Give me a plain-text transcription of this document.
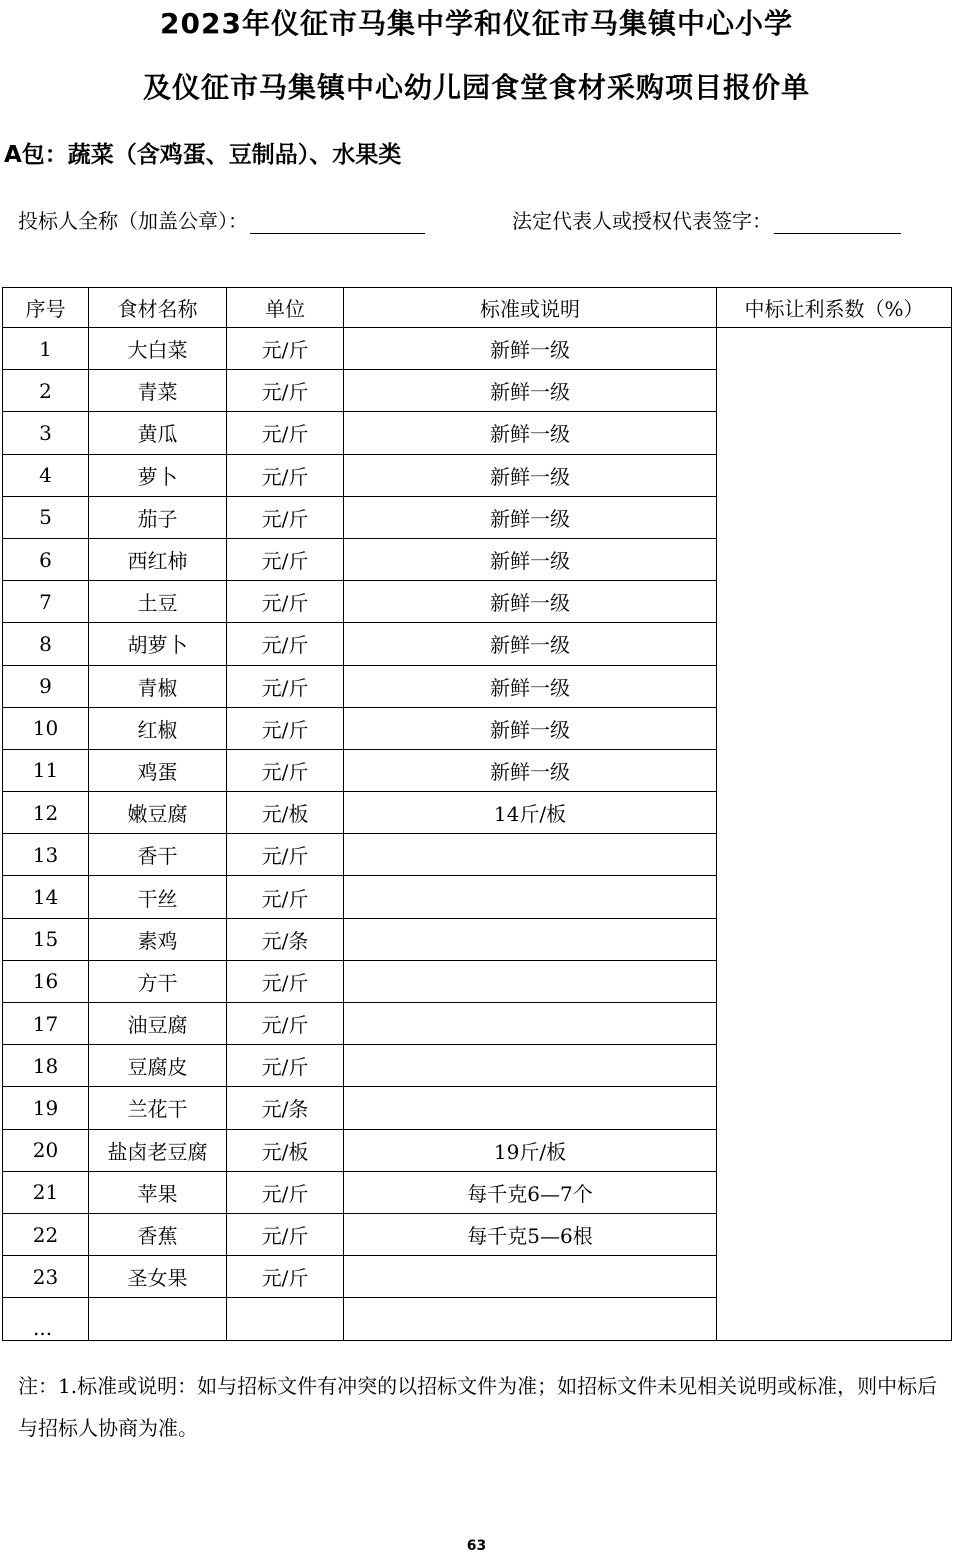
2023年仪征市马集中学和仪征市马集镇中心小学
及仪征市马集镇中心幼儿园食堂食材采购项目报价单
A包：蔬菜（含鸡蛋、豆制品）、水果类
投标人全称（加盖公章）：	法定代表人或授权代表签字：
序号	食材名称	单位	标准或说明	中标让利系数（%）
1	大白菜	元/斤	新鲜一级	
2	青菜	元/斤	新鲜一级	
3	黄瓜	元/斤	新鲜一级	
4	萝卜	元/斤	新鲜一级	
5	茄子	元/斤	新鲜一级	
6	西红柿	元/斤	新鲜一级	
7	土豆	元/斤	新鲜一级	
8	胡萝卜	元/斤	新鲜一级	
9	青椒	元/斤	新鲜一级	
10	红椒	元/斤	新鲜一级	
11	鸡蛋	元/斤	新鲜一级	
12	嫩豆腐	元/板	14斤/板	
13	香干	元/斤		
14	干丝	元/斤		
15	素鸡	元/条		
16	方干	元/斤		
17	油豆腐	元/斤		
18	豆腐皮	元/斤		
19	兰花干	元/条		
20	盐卤老豆腐	元/板	19斤/板	
21	苹果	元/斤	每千克6—7个	
22	香蕉	元/斤	每千克5—6根	
23	圣女果	元/斤		
...				
注：1.标准或说明：如与招标文件有冲突的以招标文件为准；如招标文件未见相关说明或标准，则中标后与招标人协商为准。
63
